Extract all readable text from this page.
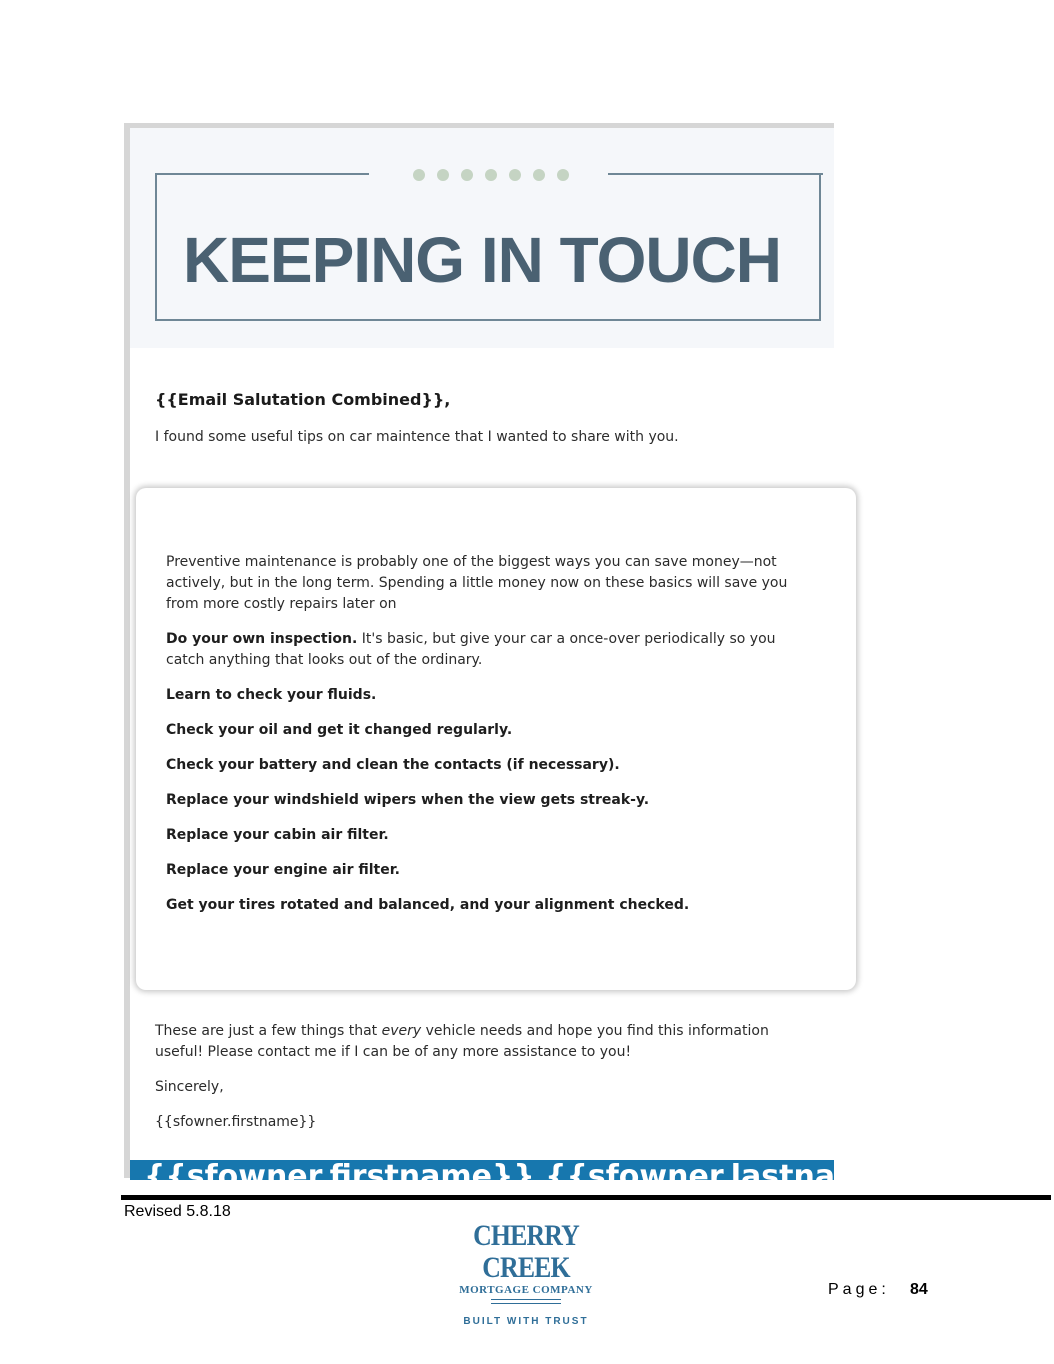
KEEPING IN TOUCH
{{Email Salutation Combined}},
I found some useful tips on car maintence that I wanted to share with you.

Preventive maintenance is probably one of the biggest ways you can save money—not actively, but in the long term. Spending a little money now on these basics will save you from more costly repairs later on

Do your own inspection. It's basic, but give your car a once-over periodically so you catch anything that looks out of the ordinary.

Learn to check your fluids.

Check your oil and get it changed regularly.

Check your battery and clean the contacts (if necessary).

Replace your windshield wipers when the view gets streak-y.

Replace your cabin air filter.

Replace your engine air filter.

Get your tires rotated and balanced, and your alignment checked.

These are just a few things that every vehicle needs and hope you find this information useful! Please contact me if I can be of any more assistance to you!

Sincerely,

{{sfowner.firstname}}

{{sfowner.firstname}} {{sfowner.lastname}}
Revised 5.8.18
CHERRY CREEK
MORTGAGE COMPANY
BUILT WITH TRUST
Page: 84
